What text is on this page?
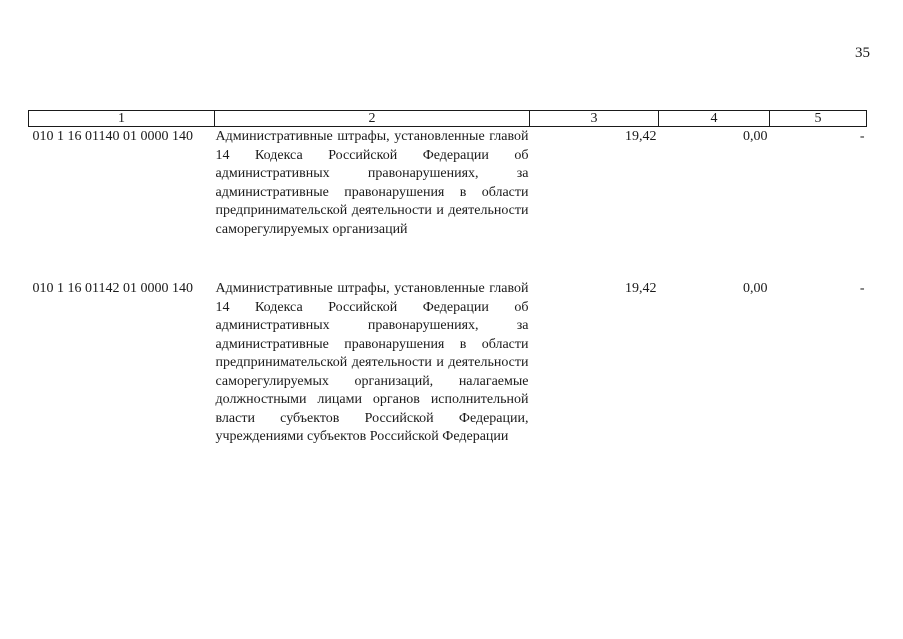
35
1	2	3	4	5
010 1 16 01140 01 0000 140	Административные штрафы, установленные главой 14 Кодекса Российской Федерации об административных правонарушениях, за административные правонарушения в области предпринимательской деятельности и деятельности саморегулируемых организаций	19,42	0,00	-
010 1 16 01142 01 0000 140	Административные штрафы, установленные главой 14 Кодекса Российской Федерации об административных правонарушениях, за административные правонарушения в области предпринимательской деятельности и деятельности саморегулируемых организаций, налагаемые должностными лицами органов исполнительной власти субъектов Российской Федерации, учреждениями субъектов Российской Федерации	19,42	0,00	-
